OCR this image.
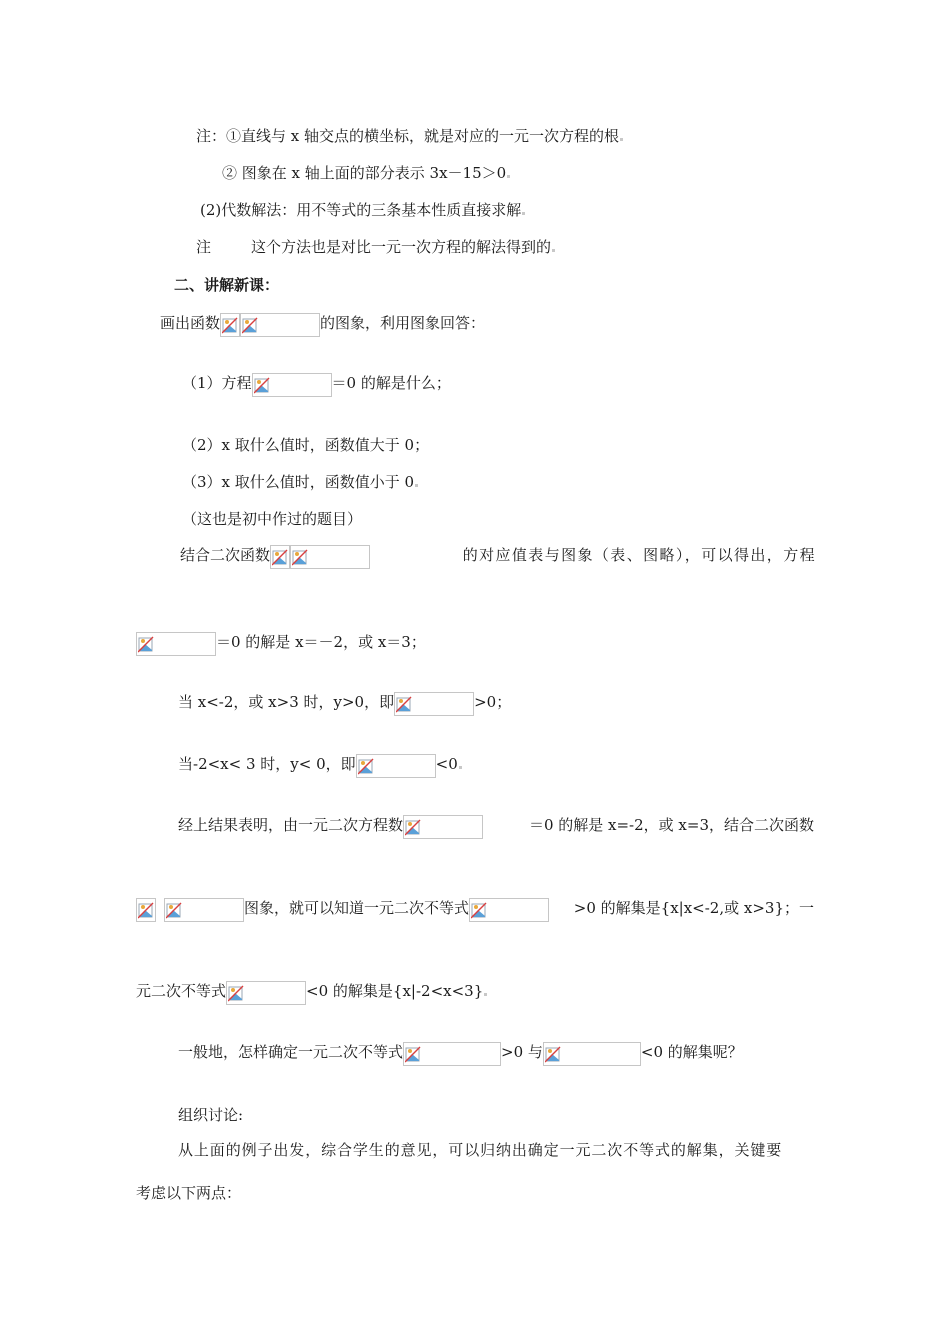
注：①直线与 x 轴交点的横坐标，就是对应的一元一次方程的根
② 图象在 x 轴上面的部分表示 3x－15＞0
(2)代数解法：用不等式的三条基本性质直接求解
注	这个方法也是对比一元一次方程的解法得到的
二、讲解新课：
画出函数	的图象，利用图象回答：
（1）方程	＝0 的解是什么；
（2）x 取什么值时，函数值大于 0；
（3）x 取什么值时，函数值小于 0
（这也是初中作过的题目）
结合二次函数	的对应值表与图象（表、图略），可以得出，方程
＝0 的解是 x＝－2，或 x＝3；
当 x<-2，或 x>3 时，y>0，即	>0；
当-2<x< 3 时，y< 0，即	<0
经上结果表明，由一元二次方程数	＝0 的解是 x=-2，或 x=3，结合二次函数
图象，就可以知道一元二次不等式	>0 的解集是{x|x<-2,或 x>3}；一
元二次不等式	<0 的解集是{x|-2<x<3}
一般地，怎样确定一元二次不等式	>0 与	<0 的解集呢？
组织讨论:
从上面的例子出发，综合学生的意见，可以归纳出确定一元二次不等式的解集，关键要
考虑以下两点：
